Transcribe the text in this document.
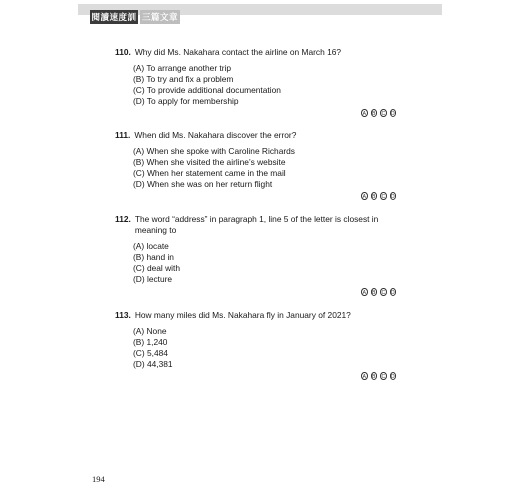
閱讀速度訓練
三篇文章①
110. Why did Ms. Nakahara contact the airline on March 16?
(A) To arrange another trip
(B) To try and fix a problem
(C) To provide additional documentation
(D) To apply for membership
A	B	C D
111. When did Ms. Nakahara discover the error?
(A) When she spoke with Caroline Richards
(B) When she visited the airline’s website
(C) When her statement came in the mail
(D) When she was on her return flight
A	B	C D
112. The word “address” in paragraph 1, line 5 of the letter is closest in meaning to
(A) locate
(B) hand in
(C) deal with
(D) lecture
A	B	C D
113. How many miles did Ms. Nakahara fly in January of 2021?
(A) None
(B) 1,240
(C) 5,484
(D) 44,381
A	B	C D
194
